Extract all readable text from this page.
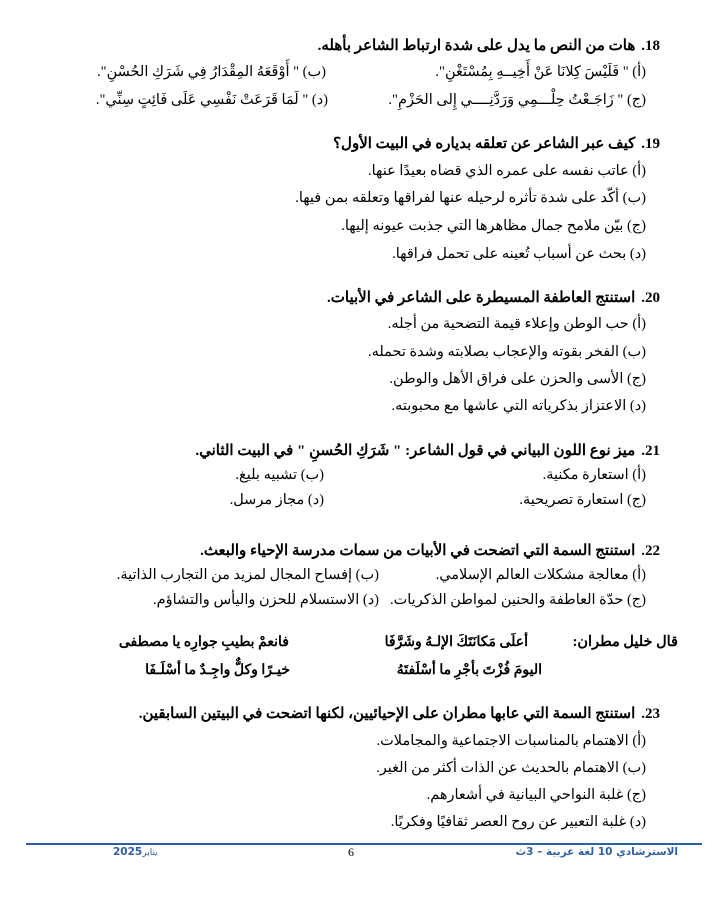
18.هات من النص ما يدل على شدة ارتباط الشاعر بأهله.
(أ) " فَلَيْسَ كِلانَا عَنْ أَخِيــهِ بِمُسْتَغْنِ".
(ب) " أَوْقَعَهُ المِقْدَارُ فِي شَرَكِ الحُسْنِ".
(ج) " زَاجَـعْتُ حِلْـــمِي وَرَدَّنِــــي إِلى الحَزْمِ".
(د) " لَمَا قَرَعَتْ نَفْسِي عَلَى فَائِتٍ سِنِّي".
19.كيف عبر الشاعر عن تعلقه بدياره في البيت الأول؟
(أ) عاتب نفسه على عمره الذي قضاه بعيدًا عنها.
(ب) أكّد على شدة تأثره لرحيله عنها لفراقها وتعلقه بمن فيها.
(ج) بيّن ملامح جمال مظاهرها التي جذبت عيونه إليها.
(د) بحث عن أسباب تُعينه على تحمل فراقها.
20.استنتج العاطفة المسيطرة على الشاعر في الأبيات.
(أ) حب الوطن وإعلاء قيمة التضحية من أجله.
(ب) الفخر بقوته والإعجاب بصلابته وشدة تحمله.
(ج) الأسى والحزن على فراق الأهل والوطن.
(د) الاعتزاز بذكرياته التي عاشها مع محبوبته.
21.ميز نوع اللون البياني في قول الشاعر: " شَرَكِ الحُسنِ " في البيت الثاني.
(أ) استعارة مكنية.
(ب) تشبيه بليغ.
(ج) استعارة تصريحية.
(د) مجاز مرسل.
22.استنتج السمة التي اتضحت في الأبيات من سمات مدرسة الإحياء والبعث.
(أ) معالجة مشكلات العالم الإسلامي.
(ب) إفساح المجال لمزيد من التجارب الذاتية.
(ج) حدّة العاطفة والحنين لمواطن الذكريات.
(د) الاستسلام للحزن واليأس والتشاؤم.
قال خليل مطران:
أعلَى مَكانَتَكَ الإلـهُ وشَرَّفَا
فانعمْ بطيبِ جوارِه يا مصطفى
اليومَ فُزْتَ بأجْرِ ما أسْلَفتَهُ
خيـرًا وكلٌّ واجِـدٌ ما أسْلَـفَا
23.استنتج السمة التي عابها مطران على الإحيائيين، لكنها اتضحت في البيتين السابقين.
(أ) الاهتمام بالمناسبات الاجتماعية والمجاملات.
(ب) الاهتمام بالحديث عن الذات أكثر من الغير.
(ج) غلبة النواحي البيانية في أشعارهم.
(د) غلبة التعبير عن روح العصر ثقافيًا وفكريًا.
الاسترشادي 10 لغة عربية – 3ث
6
يناير2025
